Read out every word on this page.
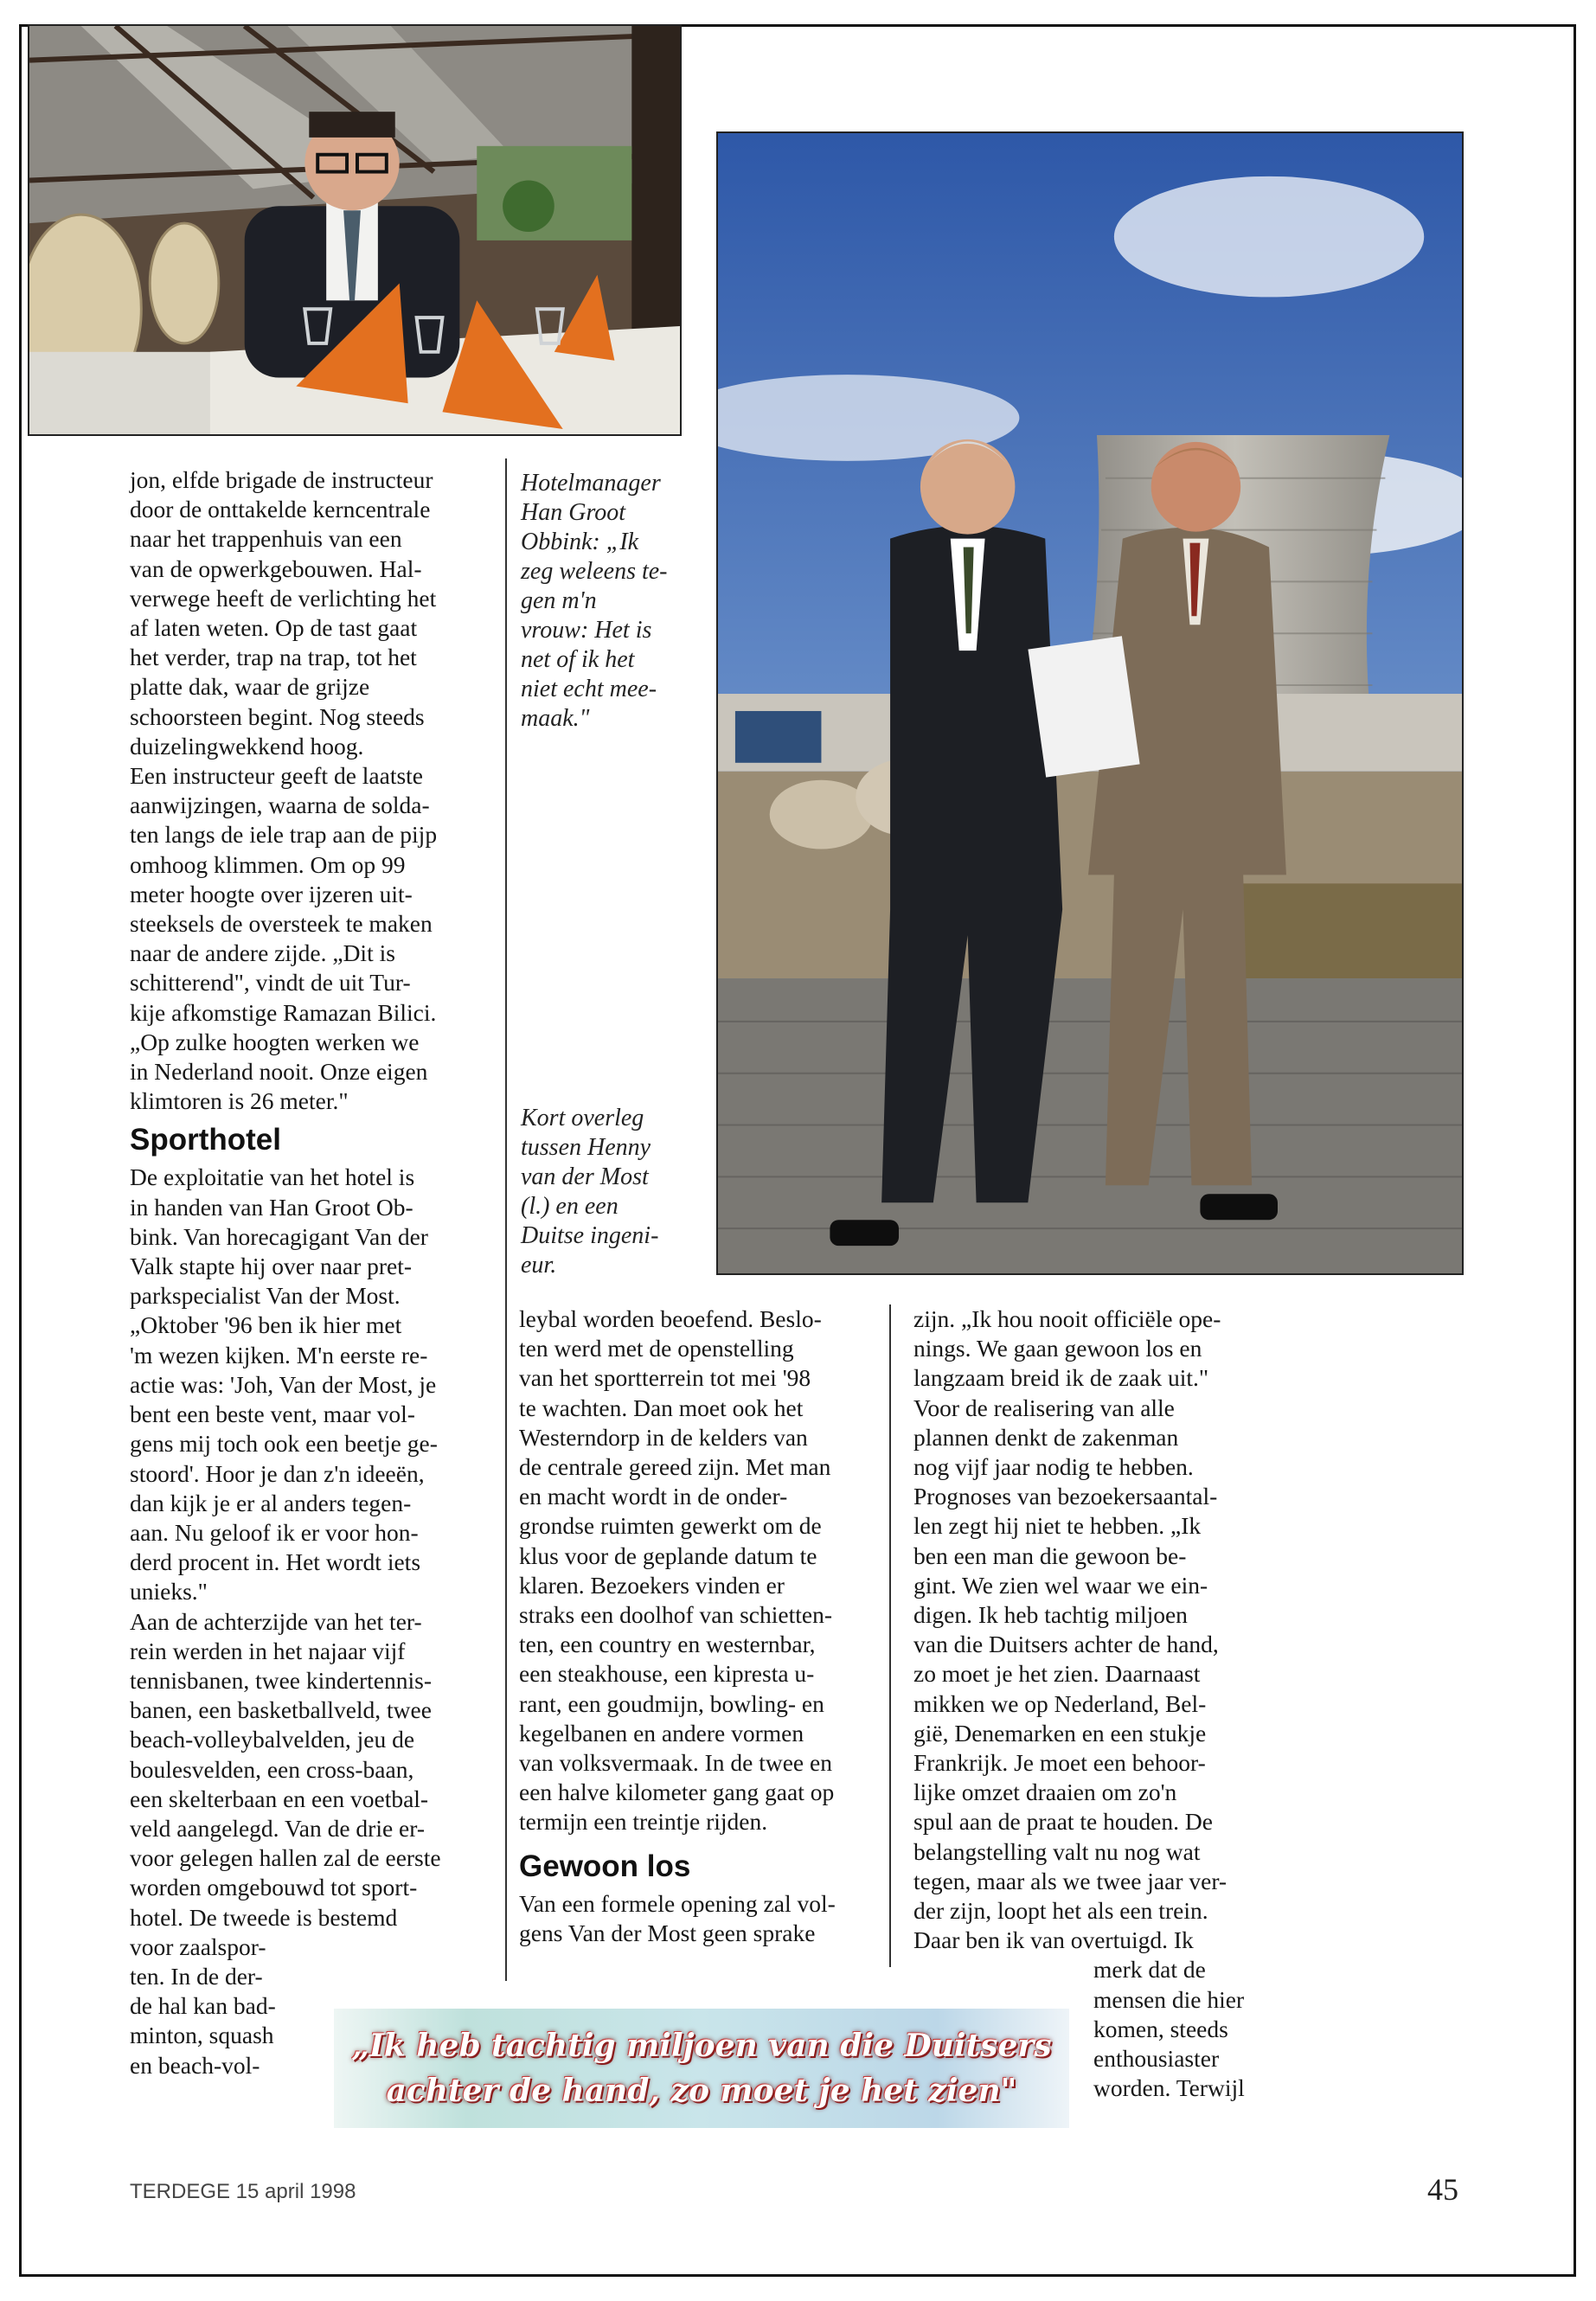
Hotelmanager
Han Groot
Obbink: „Ik
zeg weleens te-
gen m'n
vrouw: Het is
net of ik het
niet echt mee-
maak."
Kort overleg
tussen Henny
van der Most
(l.) en een
Duitse ingeni-
eur.

jon, elfde brigade de instructeur
door de onttakelde kerncentrale
naar het trappenhuis van een
van de opwerkgebouwen. Hal-
verwege heeft de verlichting het
af laten weten. Op de tast gaat
het verder, trap na trap, tot het
platte dak, waar de grijze
schoorsteen begint. Nog steeds
duizelingwekkend hoog.

Een instructeur geeft de laatste
aanwijzingen, waarna de solda-
ten langs de iele trap aan de pijp
omhoog klimmen. Om op 99
meter hoogte over ijzeren uit-
steeksels de oversteek te maken
naar de andere zijde. „Dit is
schitterend", vindt de uit Tur-
kije afkomstige Ramazan Bilici.
„Op zulke hoogten werken we
in Nederland nooit. Onze eigen
klimtoren is 26 meter."

Sporthotel

De exploitatie van het hotel is
in handen van Han Groot Ob-
bink. Van horecagigant Van der
Valk stapte hij over naar pret-
parkspecialist Van der Most.
„Oktober '96 ben ik hier met
'm wezen kijken. M'n eerste re-
actie was: 'Joh, Van der Most, je
bent een beste vent, maar vol-
gens mij toch ook een beetje ge-
stoord'. Hoor je dan z'n ideeën,
dan kijk je er al anders tegen-
aan. Nu geloof ik er voor hon-
derd procent in. Het wordt iets
unieks."

Aan de achterzijde van het ter-
rein werden in het najaar vijf
tennisbanen, twee kindertennis-
banen, een basketballveld, twee
beach-volleybalvelden, jeu de
boulesvelden, een cross-baan,
een skelterbaan en een voetbal-
veld aangelegd. Van de drie er-
voor gelegen hallen zal de eerste
worden omgebouwd tot sport-
hotel. De tweede is bestemd
voor zaalspor-
ten. In de der-
de hal kan bad-
minton, squash
en beach-vol-

leybal worden beoefend. Beslo-
ten werd met de openstelling
van het sportterrein tot mei '98
te wachten. Dan moet ook het
Westerndorp in de kelders van
de centrale gereed zijn. Met man
en macht wordt in de onder-
grondse ruimten gewerkt om de
klus voor de geplande datum te
klaren. Bezoekers vinden er
straks een doolhof van schietten-
ten, een country en westernbar,
een steakhouse, een kipresta u-
rant, een goudmijn, bowling- en
kegelbanen en andere vormen
van volksvermaak. In de twee en
een halve kilometer gang gaat op
termijn een treintje rijden.

Gewoon los

Van een formele opening zal vol-
gens Van der Most geen sprake

zijn. „Ik hou nooit officiële ope-
nings. We gaan gewoon los en
langzaam breid ik de zaak uit."
Voor de realisering van alle
plannen denkt de zakenman
nog vijf jaar nodig te hebben.
Prognoses van bezoekersaantal-
len zegt hij niet te hebben. „Ik
ben een man die gewoon be-
gint. We zien wel waar we ein-
digen. Ik heb tachtig miljoen
van die Duitsers achter de hand,
zo moet je het zien. Daarnaast
mikken we op Nederland, Bel-
gië, Denemarken en een stukje
Frankrijk. Je moet een behoor-
lijke omzet draaien om zo'n
spul aan de praat te houden. De
belangstelling valt nu nog wat
tegen, maar als we twee jaar ver-
der zijn, loopt het als een trein.
Daar ben ik van overtuigd. Ik

merk dat de
mensen die hier
komen, steeds
enthousiaster
worden. Terwijl

„Ik heb tachtig miljoen van die Duitsers
achter de hand, zo moet je het zien"
TERDEGE 15 april 1998	45
